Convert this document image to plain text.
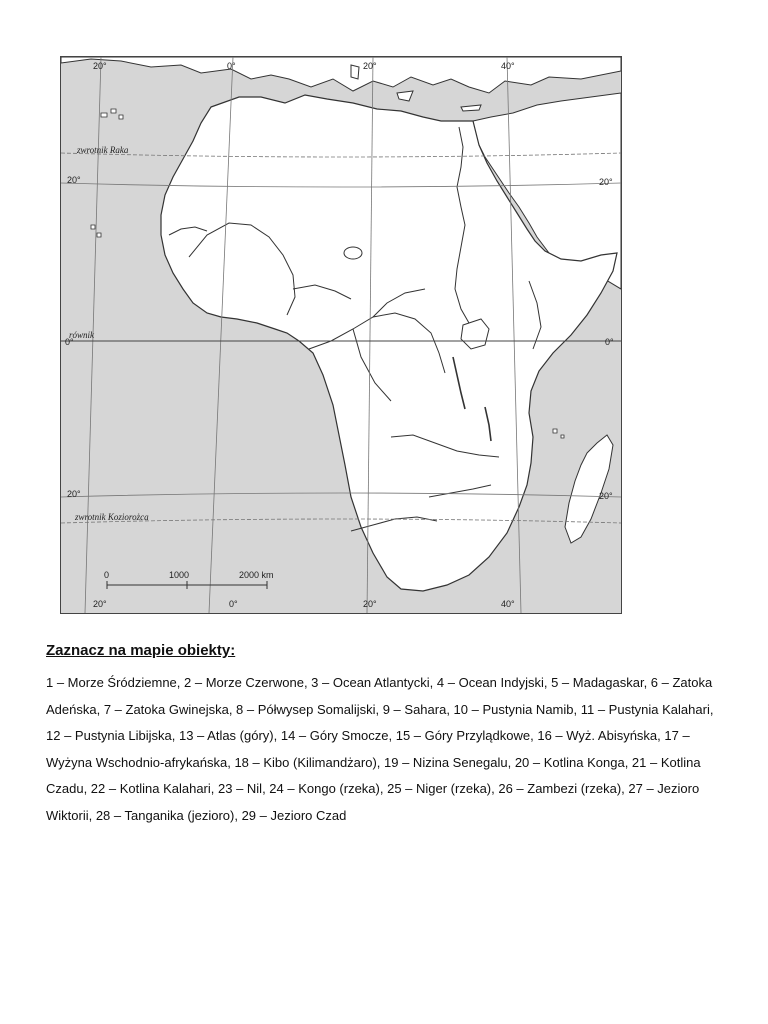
20°	0°	20°	40°
20°	0°	20°	40°
20°
0°
20°
20°
0°
20°
zwrotnik Raka
równik
zwrotnik Koziorożca
0	1000	2000 km
Zaznacz na mapie obiekty:

1 – Morze Śródziemne, 2 – Morze Czerwone, 3 – Ocean Atlantycki, 4 – Ocean Indyjski, 5 – Madagaskar, 6 – Zatoka Adeńska, 7 – Zatoka Gwinejska, 8 – Półwysep Somalijski, 9 – Sahara, 10 – Pustynia Namib, 11 – Pustynia Kalahari, 12 – Pustynia Libijska, 13 – Atlas (góry), 14 – Góry Smocze, 15 – Góry Przylądkowe, 16 – Wyż. Abisyńska, 17 – Wyżyna Wschodnio-afrykańska, 18 – Kibo (Kilimandżaro), 19 – Nizina Senegalu, 20 – Kotlina Konga, 21 – Kotlina Czadu, 22 – Kotlina Kalahari, 23 – Nil, 24 – Kongo (rzeka), 25 – Niger (rzeka), 26 – Zambezi (rzeka), 27 – Jezioro Wiktorii, 28 – Tanganika (jezioro), 29 – Jezioro Czad
